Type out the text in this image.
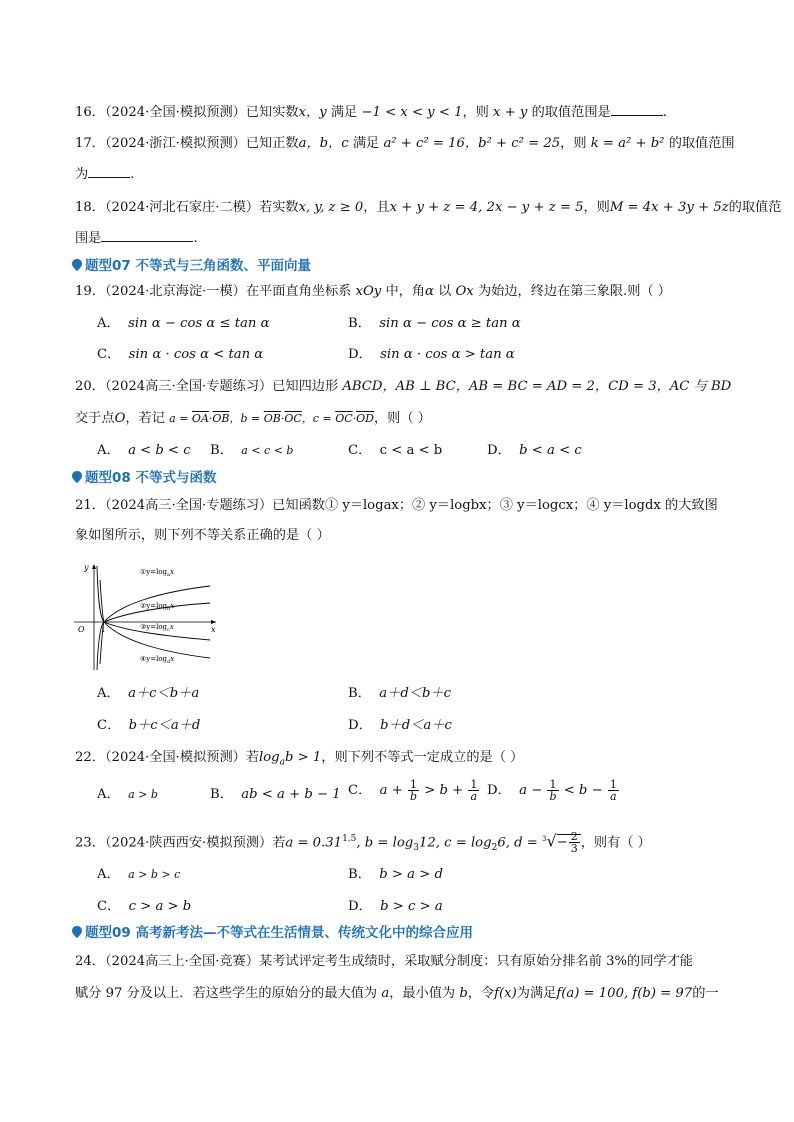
16．（2024·全国·模拟预测）已知实数x，y 满足 −1 < x < y < 1，则 x + y 的取值范围是	.
17．（2024·浙江·模拟预测）已知正数a，b，c 满足 a² + c² = 16，b² + c² = 25，则 k = a² + b² 的取值范围
为	.
18．（2024·河北石家庄·二模）若实数x, y, z ≥ 0，且x + y + z = 4, 2x − y + z = 5，则M = 4x + 3y + 5z的取值范
围是	.
题型07 不等式与三角函数、平面向量
19．（2024·北京海淀·一模）在平面直角坐标系 xOy 中，角α 以 Ox 为始边，终边在第三象限.则（ ）
A． sin α − cos α ≤ tan α	B． sin α − cos α ≥ tan α
C． sin α · cos α < tan α	D． sin α · cos α > tan α
20．（2024高三·全国·专题练习）已知四边形 ABCD，AB ⊥ BC，AB = BC = AD = 2，CD = 3，AC 与 BD
交于点O，若记 $a = \overline{OA}\cdot\overline{OB}$，$b = \overline{OB}\cdot\overline{OC}$，$c = \overline{OC}\cdot\overline{OD}$，则（ ）
A． a < b < c B． a < c < b	C． c < a < b	D． b < a < c
题型08 不等式与函数
21．（2024高三·全国·专题练习）已知函数① y＝logax；② y＝logbx；③ y＝logcx；④ y＝logdx 的大致图
象如图所示，则下列不等关系正确的是（ ）
y
x
O 1
$①y=\log_ax$
$②y=\log_bx$
$③y=\log_cx$
$④y=\log_dx$
A． a＋c＜b＋a	B． a＋d＜b＋c
C． b＋c＜a＋d	D． b＋d＜a＋c
22．（2024·全国·模拟预测）若$\log_ab > 1$，则下列不等式一定成立的是（ ）
A． a > b	B． ab < a + b − 1 C． $a + \frac{1}{b} > b + \frac{1}{a}$ D． $a - \frac{1}{b} < b - \frac{1}{a}$
23．（2024·陕西西安·模拟预测）若$a = 0.31^{1.5}$, $b = \log_312$, $c = \log_26$, $d = ^3√- \frac{2}{3}$ ，则有（ ）
A． a > b > c	B． b > a > d
C． c > a > b	D． b > c > a
题型09 高考新考法—不等式在生活情景、传统文化中的综合应用
24．（2024高三上·全国·竞赛）某考试评定考生成绩时，采取赋分制度：只有原始分排名前 3%的同学才能
赋分 97 分及以上．若这些学生的原始分的最大值为 a，最小值为 b，令f(x)为满足f(a) = 100, f(b) = 97的一
